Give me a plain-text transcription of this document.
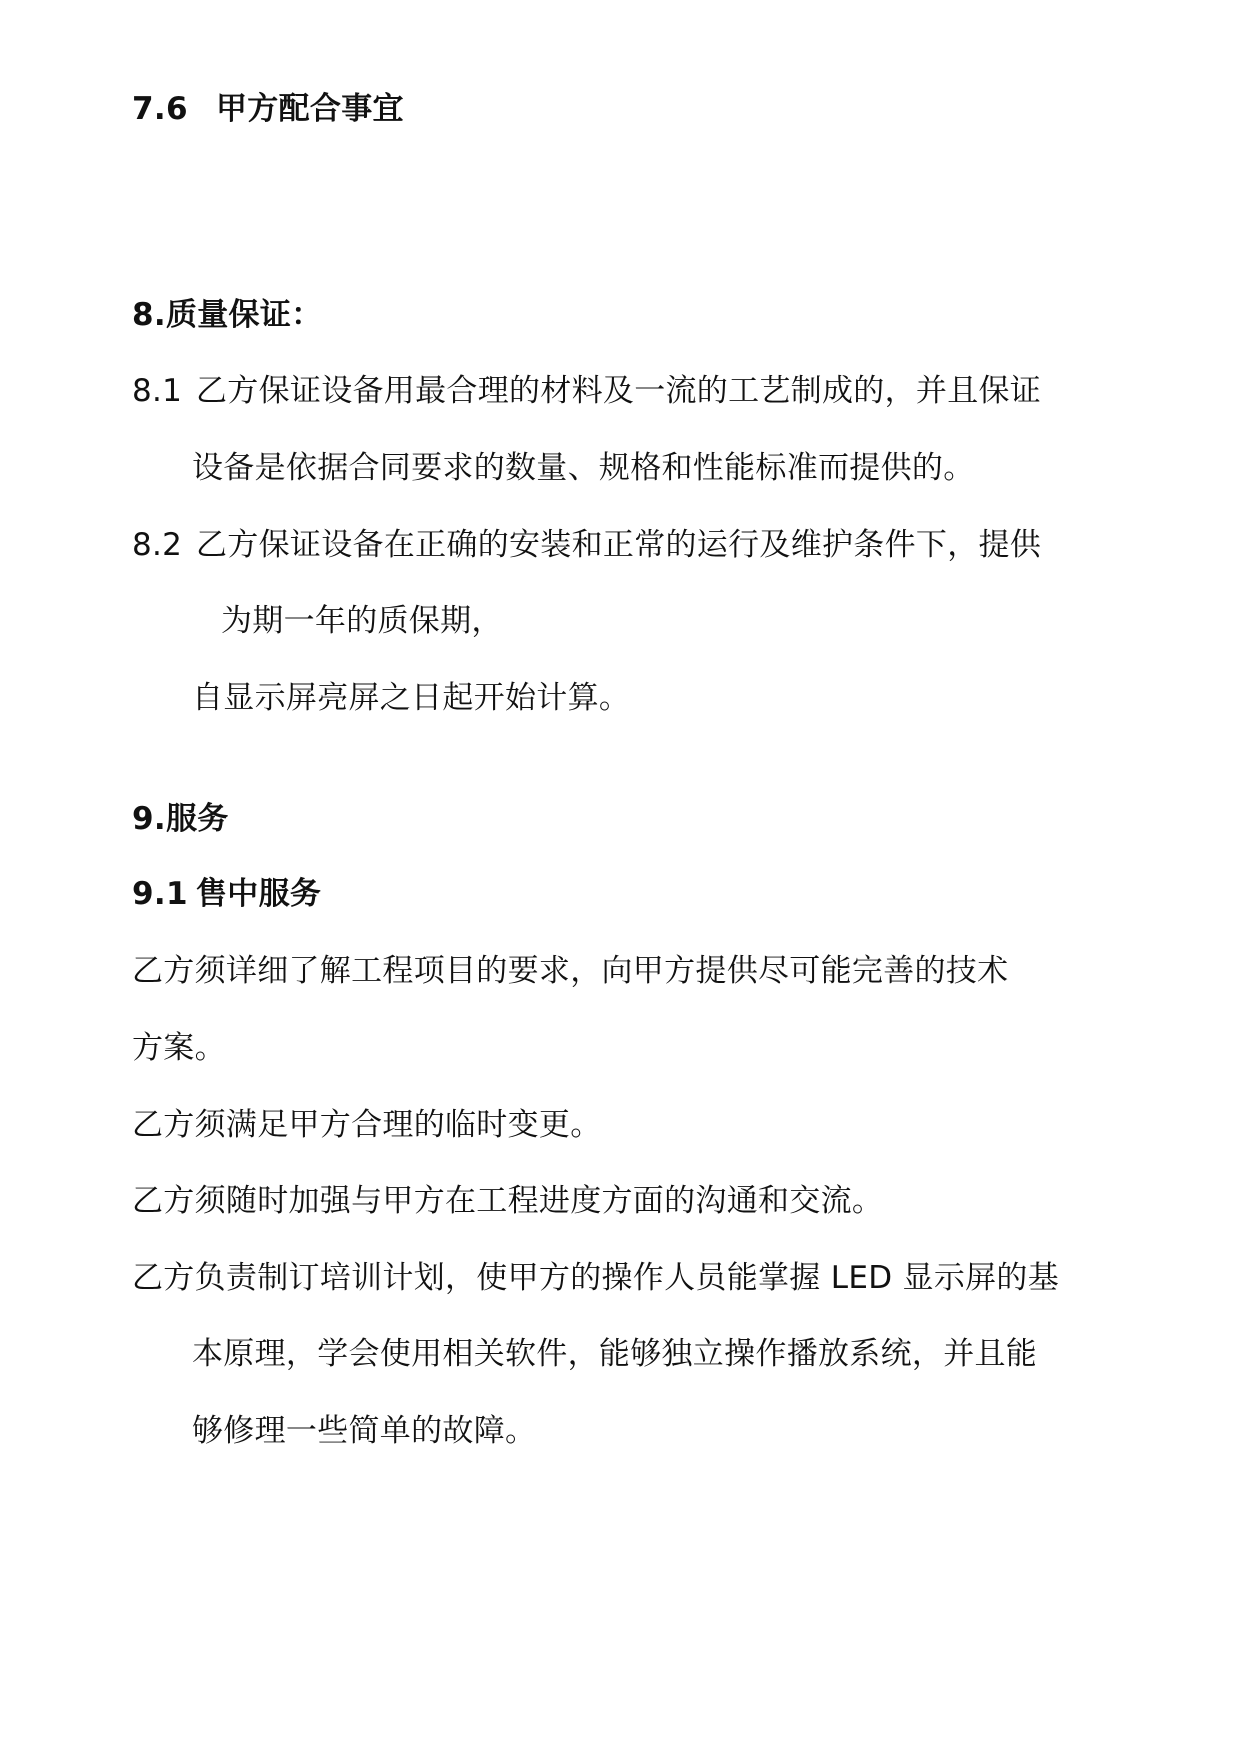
7.6 甲方配合事宜
8.质量保证：
8.1 乙方保证设备用最合理的材料及一流的工艺制成的，并且保证
设备是依据合同要求的数量、规格和性能标准而提供的。
8.2 乙方保证设备在正确的安装和正常的运行及维护条件下，提供
为期一年的质保期，
自显示屏亮屏之日起开始计算。
9.服务
9.1 售中服务
乙方须详细了解工程项目的要求，向甲方提供尽可能完善的技术
方案。
乙方须满足甲方合理的临时变更。
乙方须随时加强与甲方在工程进度方面的沟通和交流。
乙方负责制订培训计划，使甲方的操作人员能掌握 LED 显示屏的基
本原理，学会使用相关软件，能够独立操作播放系统，并且能
够修理一些简单的故障。
